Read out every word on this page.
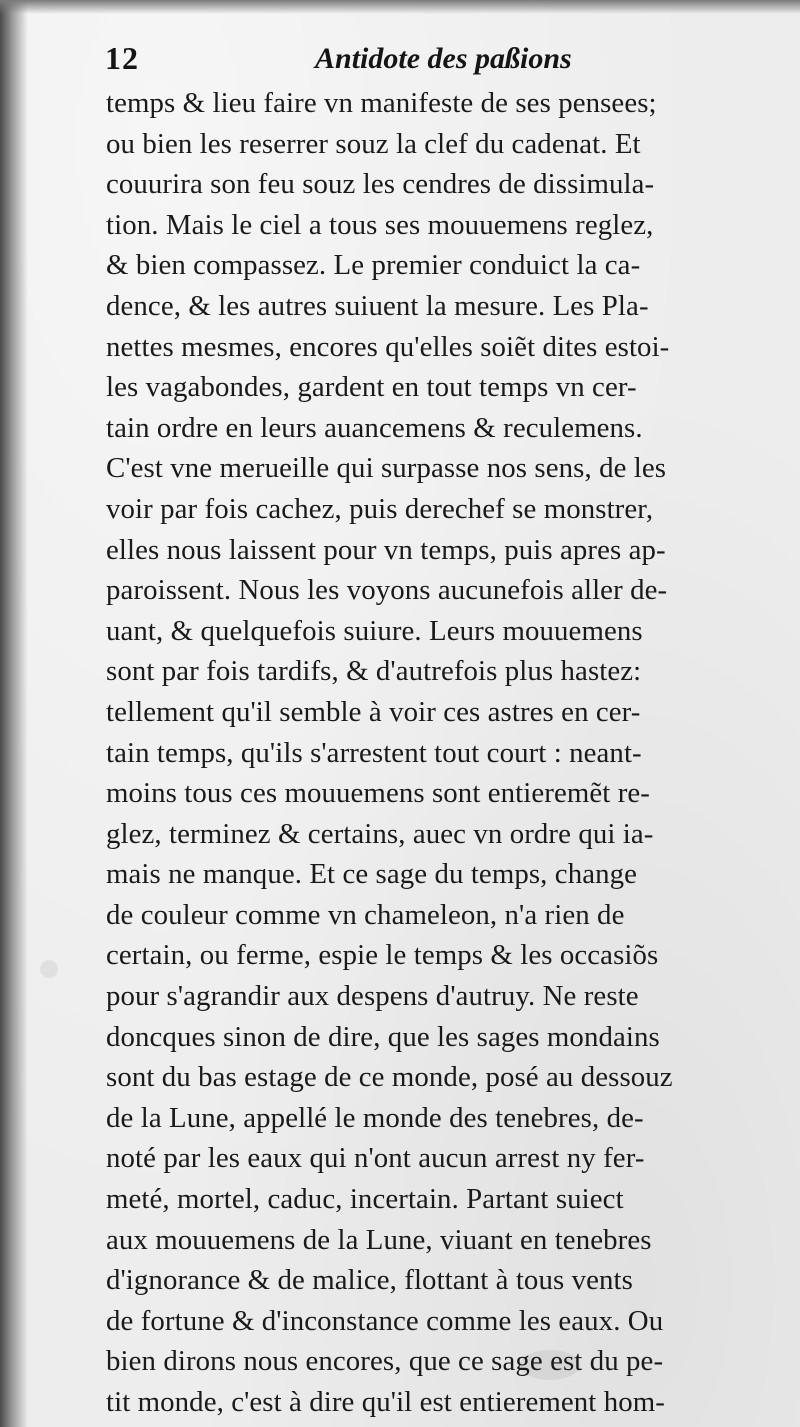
12	Antidote des paßions
temps & lieu faire vn manifeste de ses pensees;
ou bien les reserrer souz la clef du cadenat. Et
couurira son feu souz les cendres de dissimula-
tion. Mais le ciel a tous ses mouuemens reglez,
& bien compassez. Le premier conduict la ca-
dence, & les autres suiuent la mesure. Les Pla-
nettes mesmes, encores qu'elles soiẽt dites estoi-
les vagabondes, gardent en tout temps vn cer-
tain ordre en leurs auancemens & reculemens.
C'est vne merueille qui surpasse nos sens, de les
voir par fois cachez, puis derechef se monstrer,
elles nous laissent pour vn temps, puis apres ap-
paroissent. Nous les voyons aucunefois aller de-
uant, & quelquefois suiure. Leurs mouuemens
sont par fois tardifs, & d'autrefois plus hastez:
tellement qu'il semble à voir ces astres en cer-
tain temps, qu'ils s'arrestent tout court : neant-
moins tous ces mouuemens sont entieremẽt re-
glez, terminez & certains, auec vn ordre qui ia-
mais ne manque. Et ce sage du temps, change
de couleur comme vn chameleon, n'a rien de
certain, ou ferme, espie le temps & les occasiõs
pour s'agrandir aux despens d'autruy. Ne reste
doncques sinon de dire, que les sages mondains
sont du bas estage de ce monde, posé au dessouz
de la Lune, appellé le monde des tenebres, de-
noté par les eaux qui n'ont aucun arrest ny fer-
meté, mortel, caduc, incertain. Partant suiect
aux mouuemens de la Lune, viuant en tenebres
d'ignorance & de malice, flottant à tous vents
de fortune & d'inconstance comme les eaux. Ou
bien dirons nous encores, que ce sage est du pe-
tit monde, c'est à dire qu'il est entierement hom-
